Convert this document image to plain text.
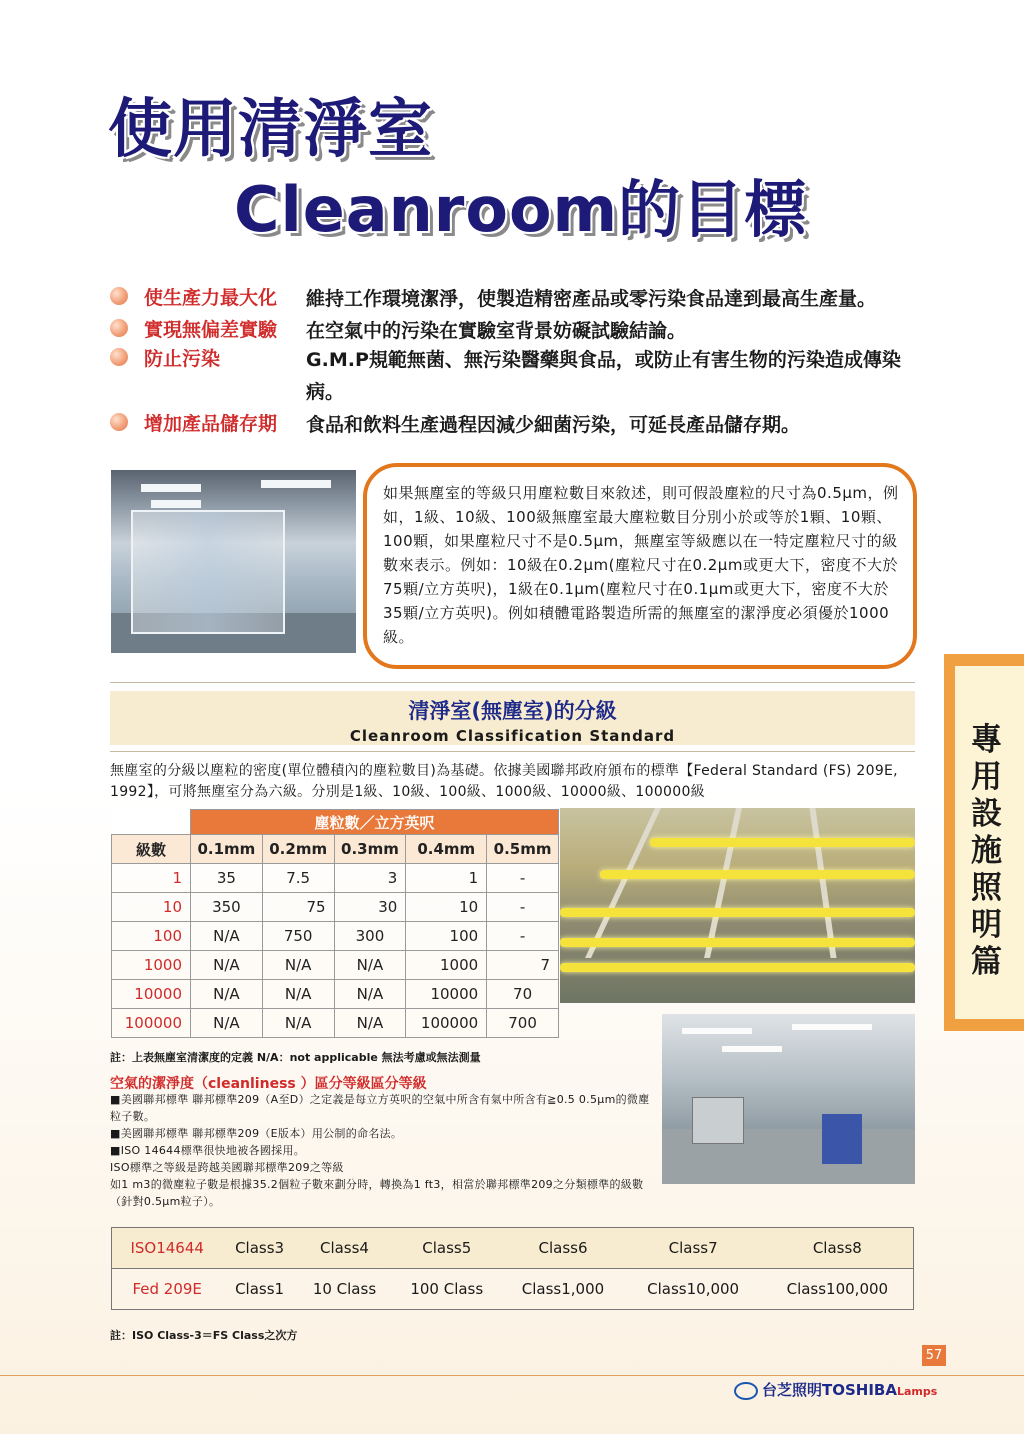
使用清淨室
Cleanroom的目標
使生產力最大化 維持工作環境潔淨，使製造精密產品或零污染食品達到最高生產量。
實現無偏差實驗 在空氣中的污染在實驗室背景妨礙試驗結論。
防止污染	G.M.P規範無菌、無污染醫藥與食品，或防止有害生物的污染造成傳染病。
增加產品儲存期 食品和飲料生產過程因減少細菌污染，可延長產品儲存期。
如果無塵室的等級只用塵粒數目來敘述，則可假設塵粒的尺寸為0.5μm，例如，1級、10級、100級無塵室最大塵粒數目分別小於或等於1顆、10顆、100顆，如果塵粒尺寸不是0.5μm，無塵室等級應以在一特定塵粒尺寸的級數來表示。例如：10級在0.2μm(塵粒尺寸在0.2μm或更大下，密度不大於75顆/立方英呎)，1級在0.1μm(塵粒尺寸在0.1μm或更大下，密度不大於35顆/立方英呎)。例如積體電路製造所需的無塵室的潔淨度必須優於1000級。
清淨室(無塵室)的分級
Cleanroom Classification Standard
無塵室的分級以塵粒的密度(單位體積內的塵粒數目)為基礎。依據美國聯邦政府頒布的標準【Federal Standard (FS) 209E, 1992】，可將無塵室分為六級。分別是1級、10級、100級、1000級、10000級、100000級
	塵粒數／立方英呎				
級數	0.1mm	0.2mm	0.3mm	0.4mm	0.5mm
1	35	7.5	3	1	-
10	350	75	30	10	-
100	N/A	750	300	100	-
1000	N/A	N/A	N/A	1000	7
10000	N/A	N/A	N/A	10000	70
100000	N/A	N/A	N/A	100000	700
註：上表無塵室清潔度的定義 N/A：not applicable 無法考慮或無法測量
空氣的潔淨度（cleanliness ）區分等級區分等級
■美國聯邦標準 聯邦標準209（A至D）之定義是每立方英呎的空氣中所含有氣中所含有≧0.5 0.5μm的微塵粒子數。
■美國聯邦標準 聯邦標準209（E版本）用公制的命名法。
■ISO 14644標準很快地被各國採用。
ISO標準之等級是跨越美國聯邦標準209之等級
如1 m3的微塵粒子數是根據35.2個粒子數來劃分時，轉換為1 ft3，相當於聯邦標準209之分類標準的級數（針對0.5μm粒子）。
ISO14644	Class3	Class4	Class5	Class6	Class7	Class8
Fed 209E	Class1	10 Class	100 Class	Class1,000	Class10,000	Class100,000
註：ISO Class-3＝FS Class之次方
專用設施照明篇
57
台芝照明TOSHIBALamps
